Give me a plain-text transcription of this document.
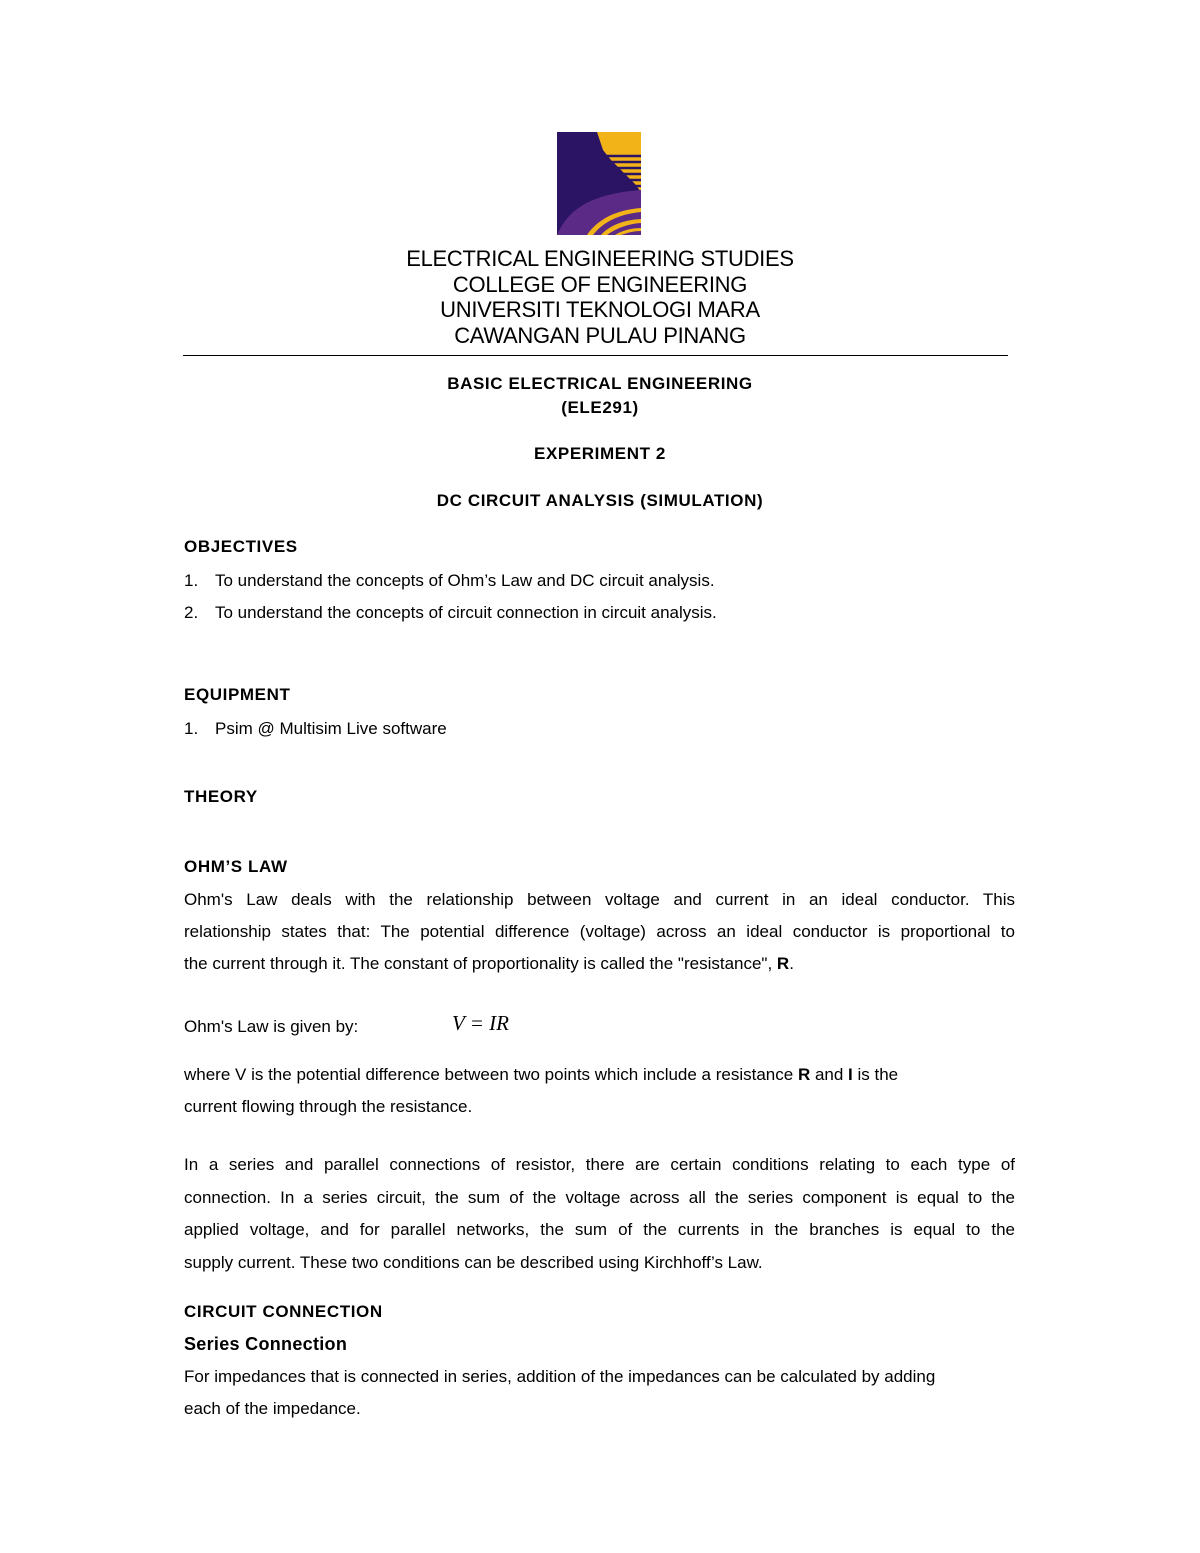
ELECTRICAL ENGINEERING STUDIES
COLLEGE OF ENGINEERING
UNIVERSITI TEKNOLOGI MARA
CAWANGAN PULAU PINANG
BASIC ELECTRICAL ENGINEERING
(ELE291)
EXPERIMENT 2
DC CIRCUIT ANALYSIS (SIMULATION)
OBJECTIVES
1. To understand the concepts of Ohm’s Law and DC circuit analysis.
2. To understand the concepts of circuit connection in circuit analysis.
EQUIPMENT
1. Psim @ Multisim Live software
THEORY
OHM’S LAW
Ohm's Law deals with the relationship between voltage and current in an ideal conductor. This
relationship states that: The potential difference (voltage) across an ideal conductor is proportional to
the current through it. The constant of proportionality is called the "resistance", R.
Ohm's Law is given by:	V = IR
where V is the potential difference between two points which include a resistance R and I is the
current flowing through the resistance.
In a series and parallel connections of resistor, there are certain conditions relating to each type of
connection. In a series circuit, the sum of the voltage across all the series component is equal to the
applied voltage, and for parallel networks, the sum of the currents in the branches is equal to the
supply current. These two conditions can be described using Kirchhoff’s Law.
CIRCUIT CONNECTION
Series Connection
For impedances that is connected in series, addition of the impedances can be calculated by adding
each of the impedance.
